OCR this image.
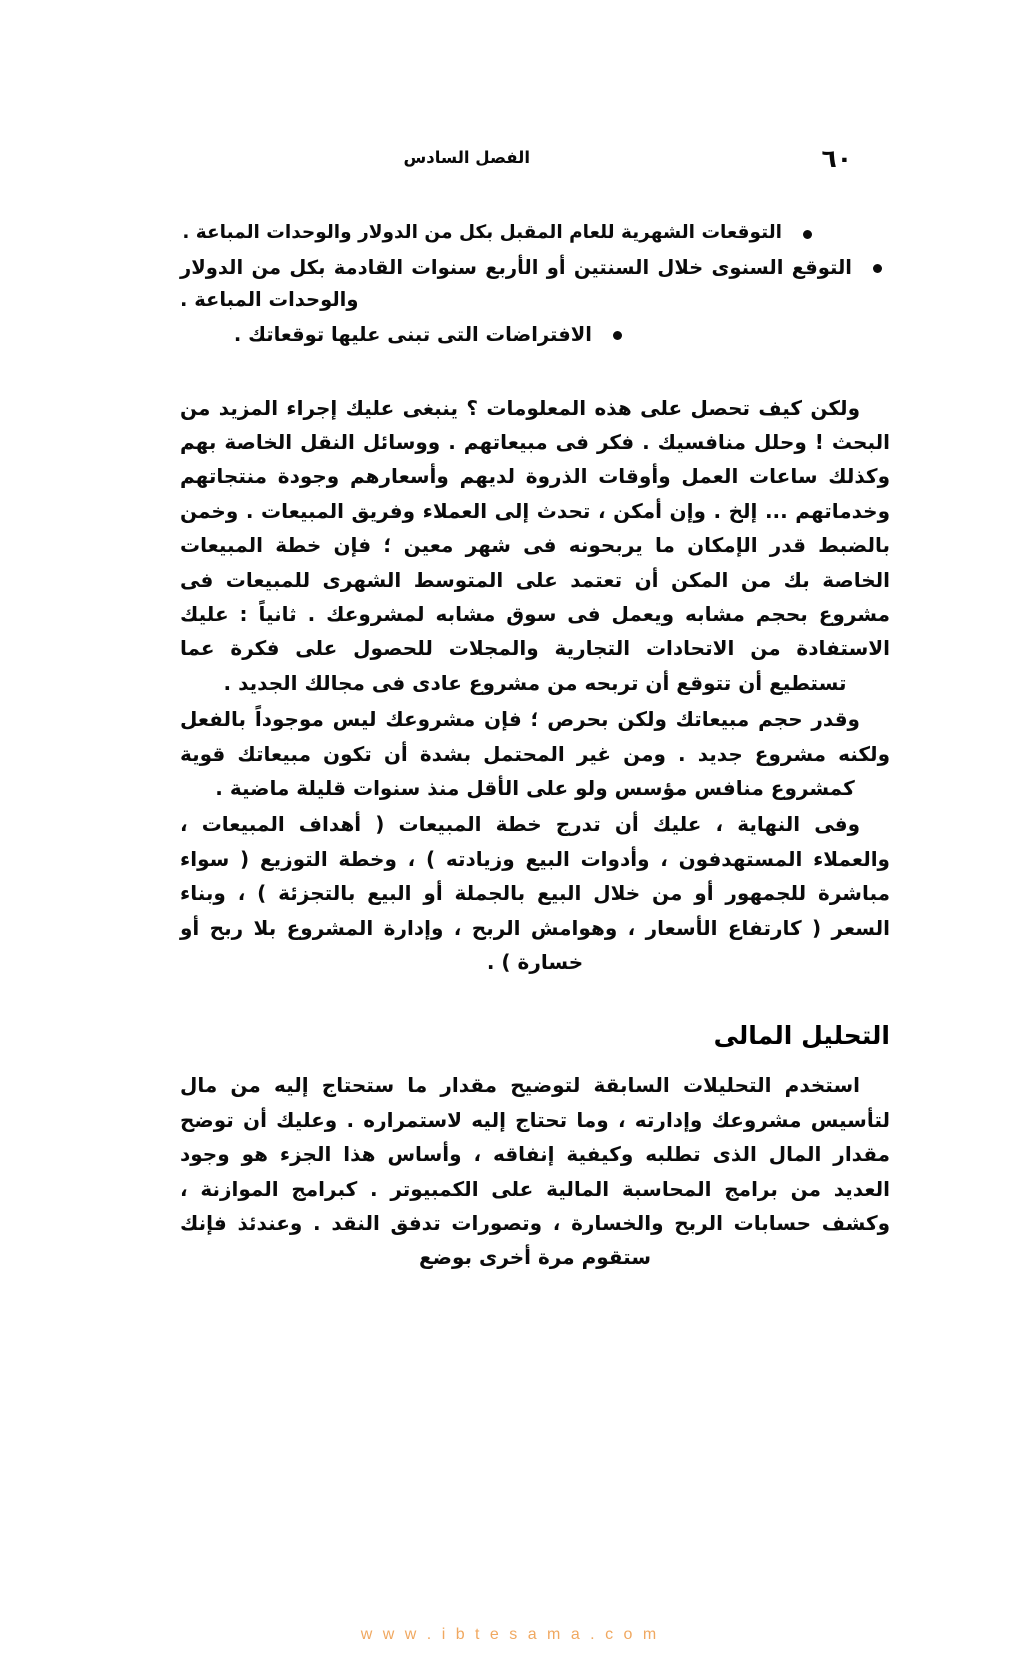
الفصل السادس	٦٠
التوقعات الشهرية للعام المقبل بكل من الدولار والوحدات المباعة .
التوقع السنوى خلال السنتين أو الأربع سنوات القادمة بكل من الدولار والوحدات المباعة .
الافتراضات التى تبنى عليها توقعاتك .

ولكن كيف تحصل على هذه المعلومات ؟ ينبغى عليك إجراء المزيد من البحث ! وحلل منافسيك . فكر فى مبيعاتهم . ووسائل النقل الخاصة بهم وكذلك ساعات العمل وأوقات الذروة لديهم وأسعارهم وجودة منتجاتهم وخدماتهم ... إلخ . وإن أمكن ، تحدث إلى العملاء وفريق المبيعات . وخمن بالضبط قدر الإمكان ما يربحونه فى شهر معين ؛ فإن خطة المبيعات الخاصة بك من المكن أن تعتمد على المتوسط الشهرى للمبيعات فى مشروع بحجم مشابه ويعمل فى سوق مشابه لمشروعك . ثانياً : عليك الاستفادة من الاتحادات التجارية والمجلات للحصول على فكرة عما تستطيع أن تتوقع أن تربحه من مشروع عادى فى مجالك الجديد .

وقدر حجم مبيعاتك ولكن بحرص ؛ فإن مشروعك ليس موجوداً بالفعل ولكنه مشروع جديد . ومن غير المحتمل بشدة أن تكون مبيعاتك قوية كمشروع منافس مؤسس ولو على الأقل منذ سنوات قليلة ماضية .

وفى النهاية ، عليك أن تدرج خطة المبيعات ( أهداف المبيعات ، والعملاء المستهدفون ، وأدوات البيع وزيادته ) ، وخطة التوزيع ( سواء مباشرة للجمهور أو من خلال البيع بالجملة أو البيع بالتجزئة ) ، وبناء السعر ( كارتفاع الأسعار ، وهوامش الربح ، وإدارة المشروع بلا ربح أو خسارة ) .

التحليل المالى

استخدم التحليلات السابقة لتوضيح مقدار ما ستحتاج إليه من مال لتأسيس مشروعك وإدارته ، وما تحتاج إليه لاستمراره . وعليك أن توضح مقدار المال الذى تطلبه وكيفية إنفاقه ، وأساس هذا الجزء هو وجود العديد من برامج المحاسبة المالية على الكمبيوتر . كبرامج الموازنة ، وكشف حسابات الربح والخسارة ، وتصورات تدفق النقد . وعندئذ فإنك ستقوم مرة أخرى بوضع

w w w . i b t e s a m a . c o m
